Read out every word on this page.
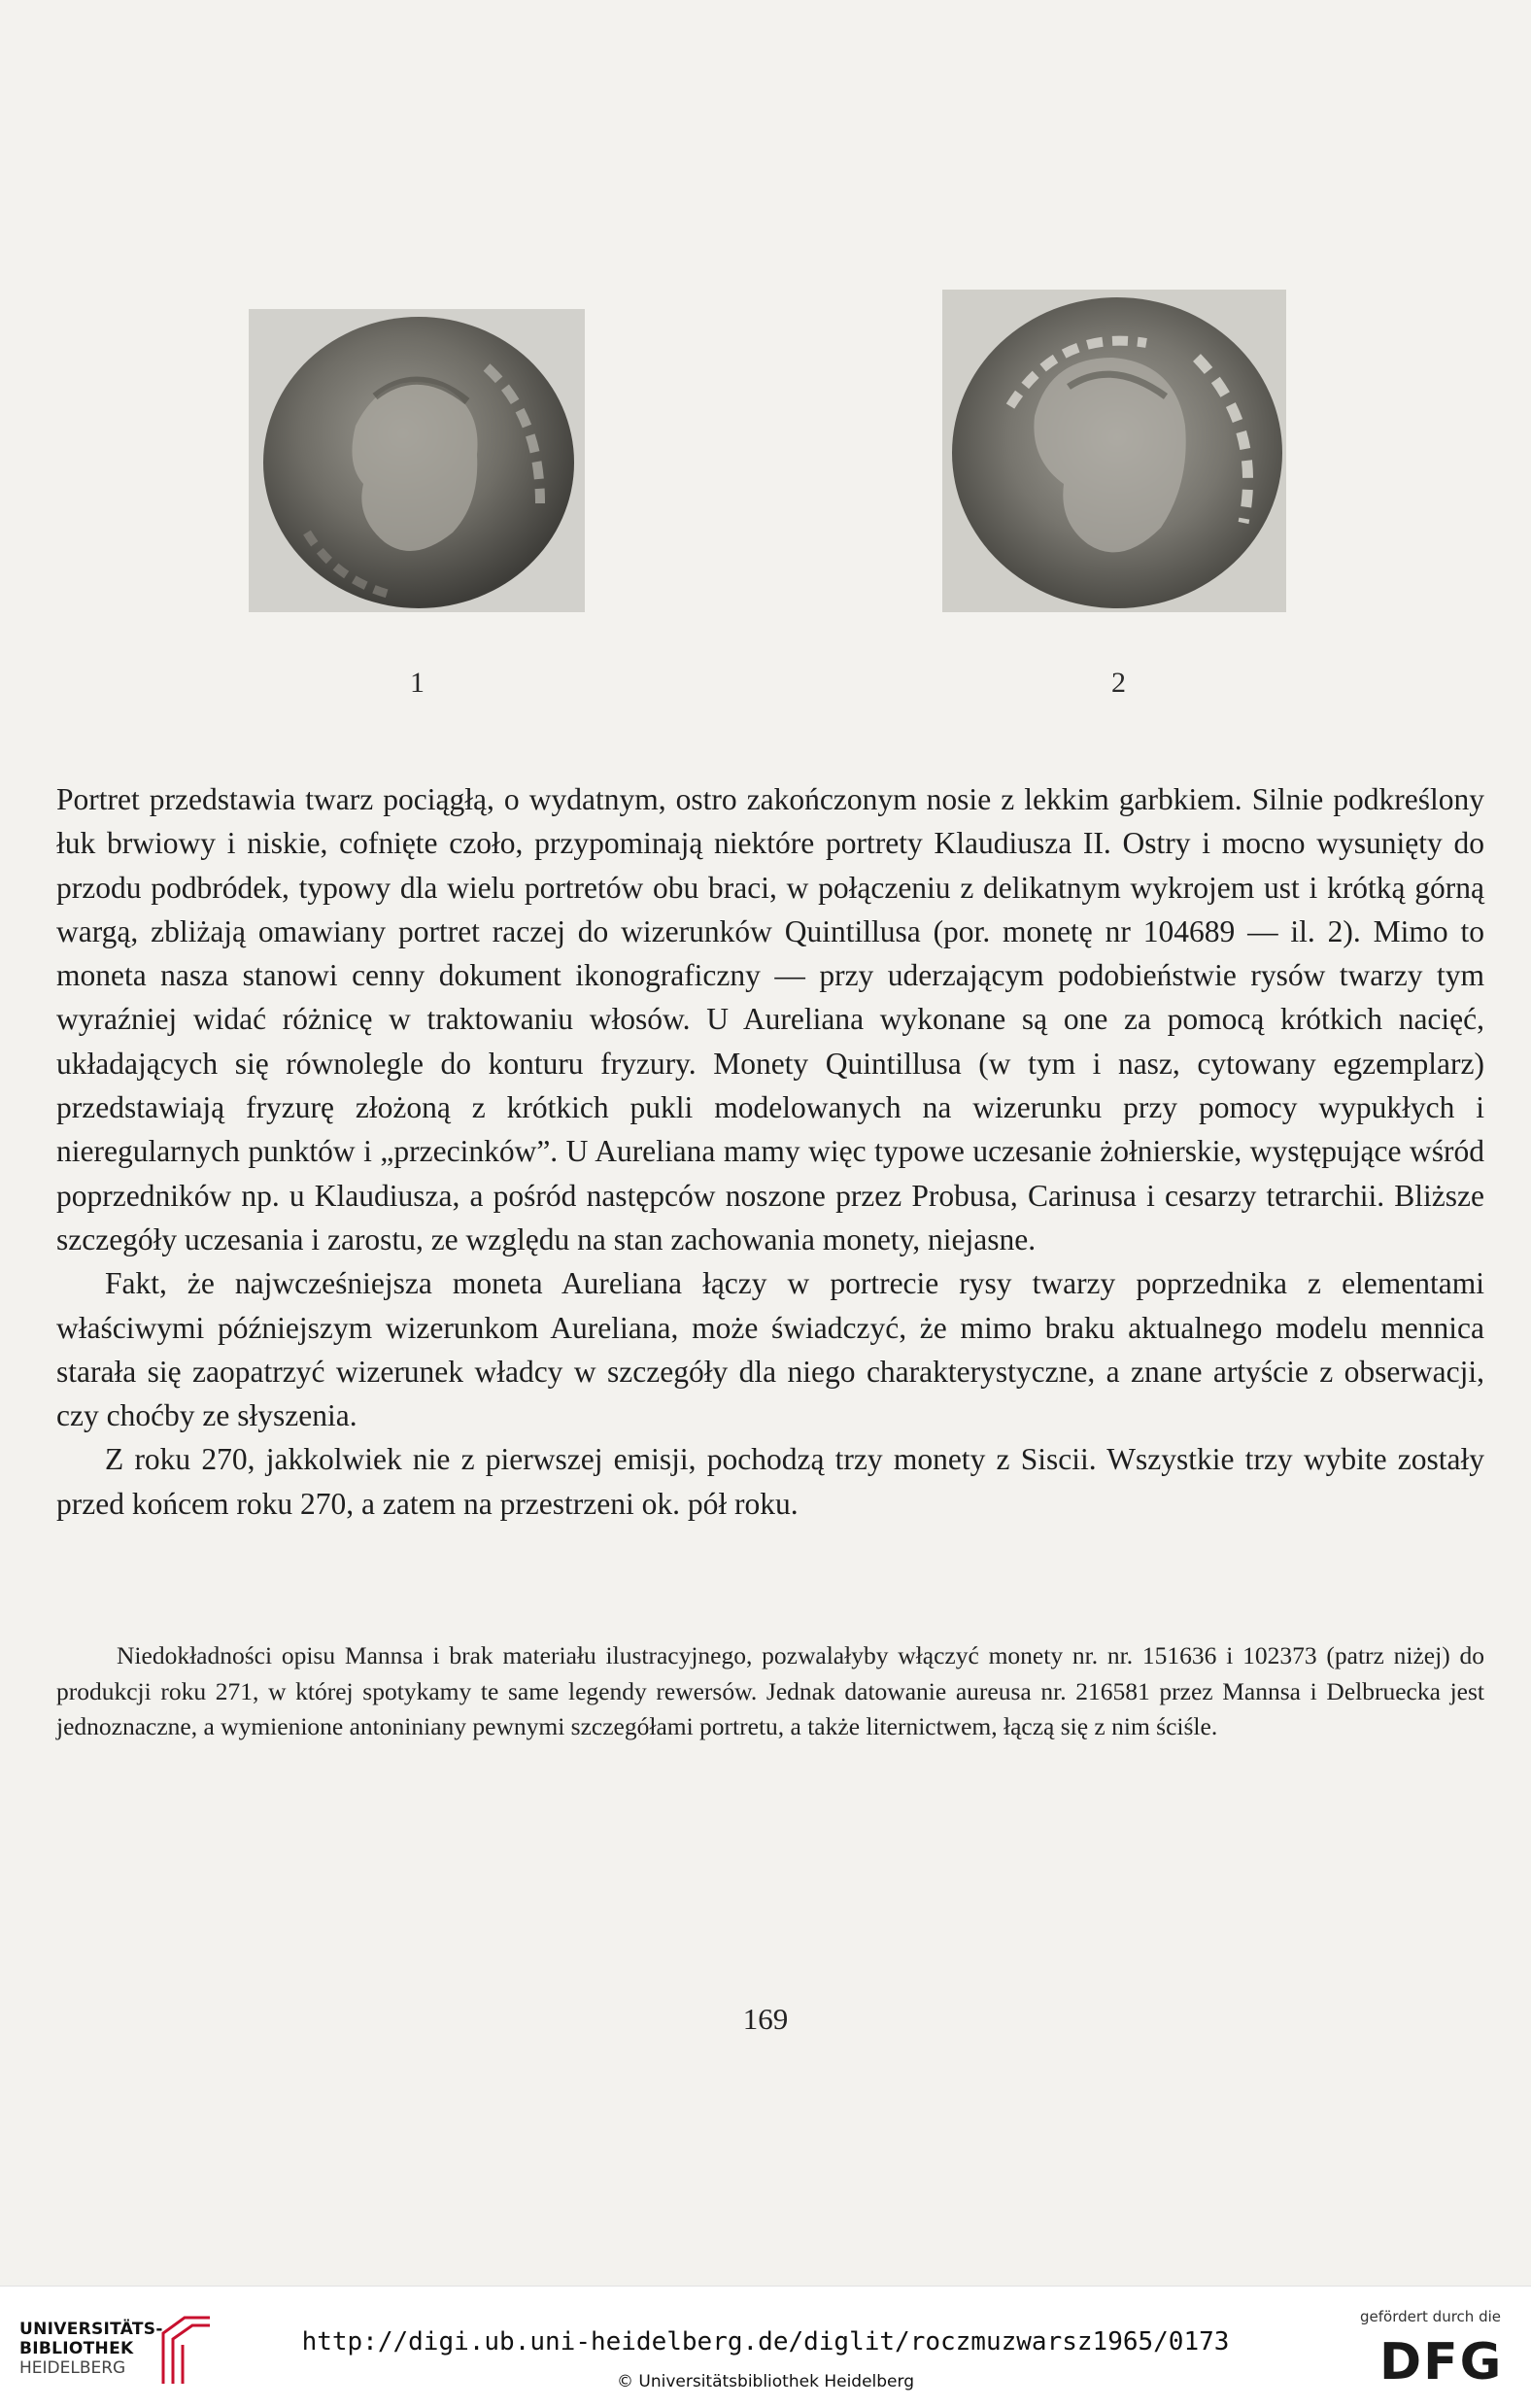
1	2

Portret przedstawia twarz pociągłą, o wydatnym, ostro zakończonym nosie z lekkim garbkiem. Silnie podkreślony łuk brwiowy i niskie, cofnięte czoło, przypominają niektóre portrety Klaudiusza II. Ostry i mocno wysunięty do przodu podbródek, typowy dla wielu portretów obu braci, w połączeniu z delikatnym wykrojem ust i krótką górną wargą, zbliżają omawiany portret raczej do wizerunków Quintillusa (por. monetę nr 104689 — il. 2). Mimo to moneta nasza stanowi cenny dokument ikonograficzny — przy uderzającym podobieństwie rysów twarzy tym wyraźniej widać różnicę w traktowaniu włosów. U Aureliana wykonane są one za pomocą krótkich nacięć, układających się równolegle do konturu fryzury. Monety Quintillusa (w tym i nasz, cytowany egzemplarz) przedstawiają fryzurę złożoną z krótkich pukli modelowanych na wizerunku przy pomocy wypukłych i nieregularnych punktów i „przecinków”. U Aureliana mamy więc typowe uczesanie żołnierskie, występujące wśród poprzedników np. u Klaudiusza, a pośród następców noszone przez Probusa, Carinusa i cesarzy tetrarchii. Bliższe szczegóły uczesania i zarostu, ze względu na stan zachowania monety, niejasne.

Fakt, że najwcześniejsza moneta Aureliana łączy w portrecie rysy twarzy poprzednika z elementami właściwymi późniejszym wizerunkom Aureliana, może świadczyć, że mimo braku aktualnego modelu mennica starała się zaopatrzyć wizerunek władcy w szczegóły dla niego charakterystyczne, a znane artyście z obserwacji, czy choćby ze słyszenia.

Z roku 270, jakkolwiek nie z pierwszej emisji, pochodzą trzy monety z Siscii. Wszystkie trzy wybite zostały przed końcem roku 270, a zatem na przestrzeni ok. pół roku.

Niedokładności opisu Mannsa i brak materiału ilustracyjnego, pozwalałyby włączyć monety nr. nr. 151636 i 102373 (patrz niżej) do produkcji roku 271, w której spotykamy te same legendy rewersów. Jednak datowanie aureusa nr. 216581 przez Mannsa i Delbruecka jest jednoznaczne, a wymienione antoniniany pewnymi szczegółami portretu, a także liternictwem, łączą się z nim ściśle.
169
UNIVERSITÄTS-
BIBLIOTHEK
HEIDELBERG
http://digi.ub.uni-heidelberg.de/diglit/roczmuzwarsz1965/0173
© Universitätsbibliothek Heidelberg
gefördert durch die
DFG
